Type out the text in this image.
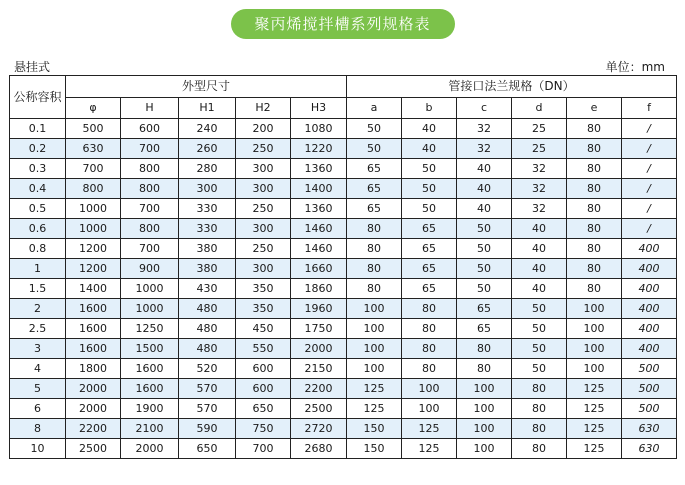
聚丙烯搅拌槽系列规格表
悬挂式	单位：mm
公称容积	外型尺寸					管接口法兰规格（DN）					
	φ	H	H1	H2	H3	a	b	c	d	e	f
0.1	500	600	240	200	1080	50	40	32	25	80	/
0.2	630	700	260	250	1220	50	40	32	25	80	/
0.3	700	800	280	300	1360	65	50	40	32	80	/
0.4	800	800	300	300	1400	65	50	40	32	80	/
0.5	1000	700	330	250	1360	65	50	40	32	80	/
0.6	1000	800	330	300	1460	80	65	50	40	80	/
0.8	1200	700	380	250	1460	80	65	50	40	80	400
1	1200	900	380	300	1660	80	65	50	40	80	400
1.5	1400	1000	430	350	1860	80	65	50	40	80	400
2	1600	1000	480	350	1960	100	80	65	50	100	400
2.5	1600	1250	480	450	1750	100	80	65	50	100	400
3	1600	1500	480	550	2000	100	80	80	50	100	400
4	1800	1600	520	600	2150	100	80	80	50	100	500
5	2000	1600	570	600	2200	125	100	100	80	125	500
6	2000	1900	570	650	2500	125	100	100	80	125	500
8	2200	2100	590	750	2720	150	125	100	80	125	630
10	2500	2000	650	700	2680	150	125	100	80	125	630
